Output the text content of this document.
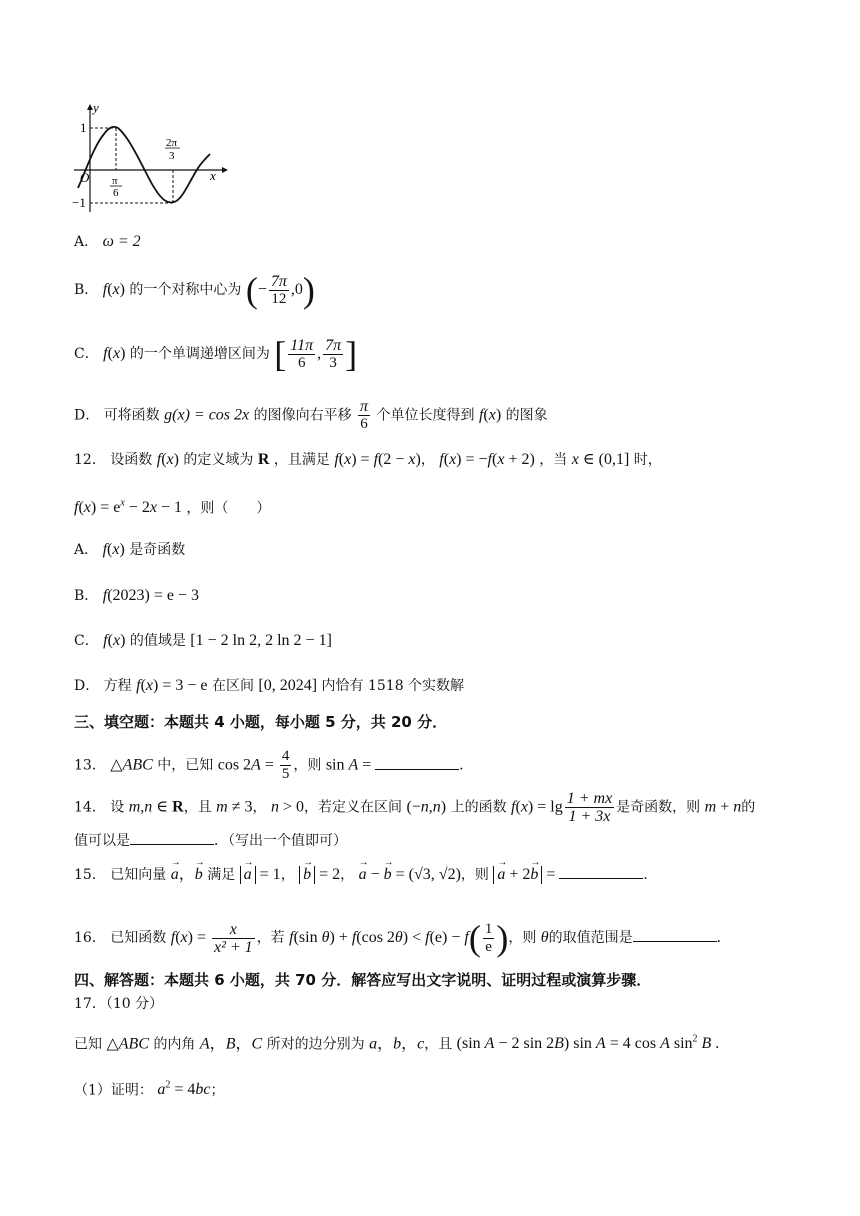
y
x
O
1
−1
π
6
2π
3
A． ω = 2
B． f(x) 的一个对称中心为 (− $\frac{7\pi}{12} ,0$)
C． f(x) 的一个单调递增区间为 [ $\frac{11\pi}{6}$ , $\frac{7\pi}{3}$ ]
D． 可将函数 g(x) = cos 2x 的图像向右平移 $\frac{\pi}{6}$ 个单位长度得到 f(x) 的图象
12． 设函数 f(x) 的定义域为 R ，且满足 f(x) = f(2 − x)， f(x) = −f(x + 2) ，当 x ∈ (0,1] 时，
$f(x) = e^x - 2x - 1$ ，则（　　）
A． f(x) 是奇函数
B． f(2023) = e − 3
C． f(x) 的值域是 [1 − 2 ln 2, 2 ln 2 − 1]
D． 方程 f(x) = 3 − e 在区间 [0, 2024] 内恰有 1518 个实数解
三、填空题：本题共 4 小题，每小题 5 分，共 20 分．
13． △ABC 中，已知 $\cos 2A = \frac{4}{5}$ ，则 sin A =	．
14． 设 m,n ∈ R，且 m ≠ 3， n > 0，若定义在区间 (−n,n) 上的函数 $f(x) = \lg \frac{1 + mx}{1 + 3x}$ 是奇函数，则 m + n的
值可以是	．（写出一个值即可）
15． 已知向量 → a，→ b 满足 → a = 1， → b = 2， → a − → b = (√3, √2)，则 → a + 2→ b =	．
16． 已知函数 $f(x) = \frac{x}{\text{x² + 1}}$ ，若 f(sin θ) + f(cos $2\theta) < f(e) - f( \frac{1}{e}$ )，则 θ的取值范围是	．
四、解答题：本题共 6 小题，共 70 分．解答应写出文字说明、证明过程或演算步骤．
17．（10 分）
已知 △ABC 的内角 A，B，C 所对的边分别为 a，b，c，且 (sin A − 2 sin 2B) sin A = 4 cos A $\sin^2 B$ .
（1）证明： $a^2 = 4bc$；
